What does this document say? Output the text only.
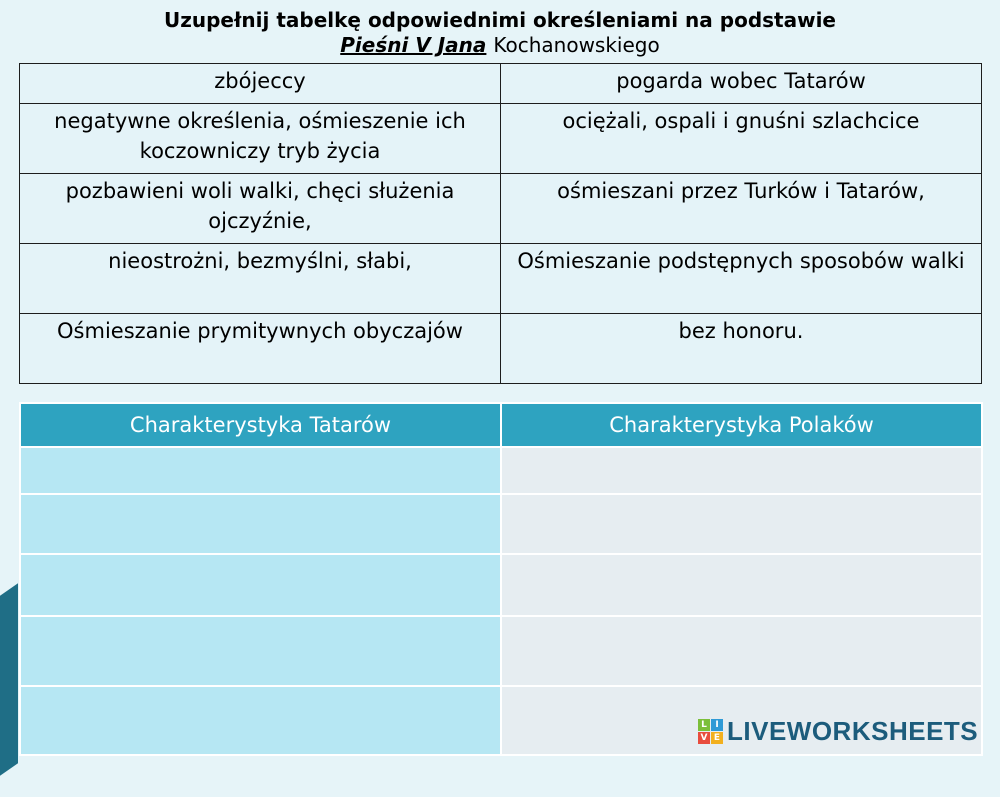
Uzupełnij tabelkę odpowiednimi określeniami na podstawie
Pieśni V Jana Kochanowskiego
zbójeccy	pogarda wobec Tatarów
negatywne określenia, ośmieszenie ich koczowniczy tryb życia	ociężali, ospali i gnuśni szlachcice
pozbawieni woli walki, chęci służenia ojczyźnie,	ośmieszani przez Turków i Tatarów,
nieostrożni, bezmyślni, słabi,	Ośmieszanie podstępnych sposobów walki
Ośmieszanie prymitywnych obyczajów	bez honoru.
Charakterystyka Tatarów	Charakterystyka Polaków

L I
V E LIVEWORKSHEETS
